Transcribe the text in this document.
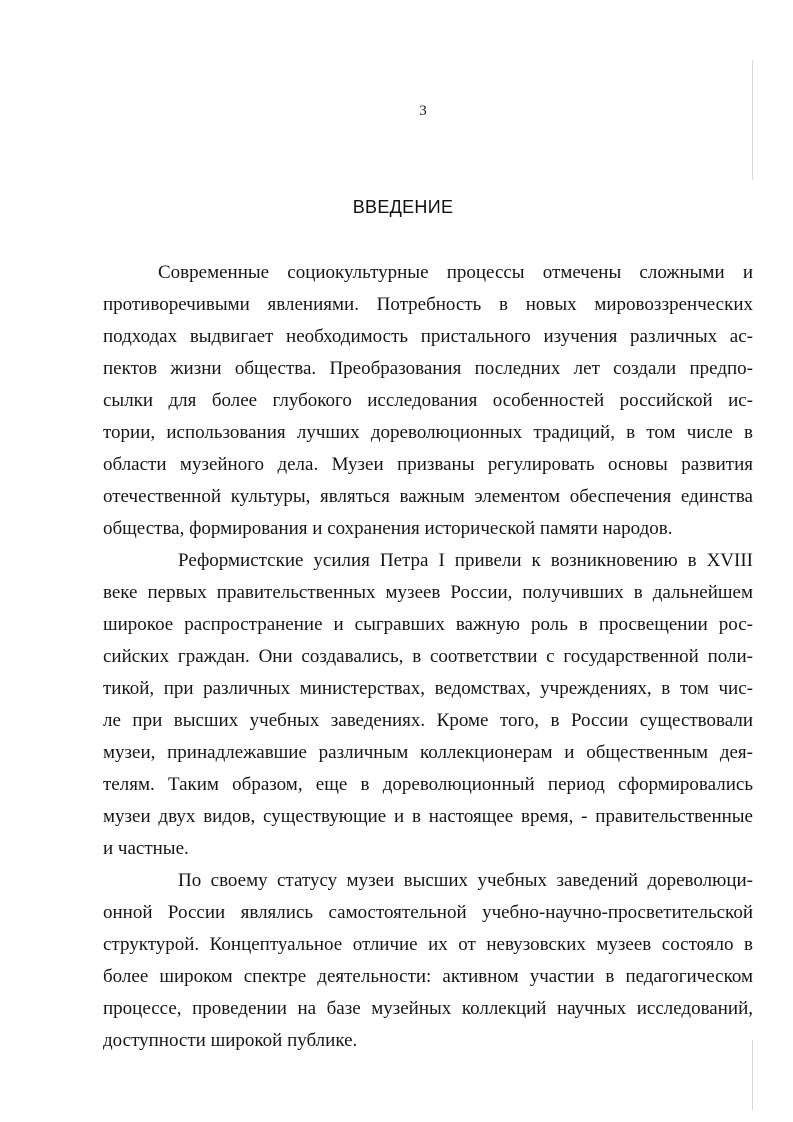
3
ВВЕДЕНИЕ
Современные социокультурные процессы отмечены сложными и
противоречивыми явлениями. Потребность в новых мировоззренческих
подходах выдвигает необходимость пристального изучения различных ас-
пектов жизни общества. Преобразования последних лет создали предпо-
сылки для более глубокого исследования особенностей российской ис-
тории, использования лучших дореволюционных традиций, в том числе в
области музейного дела. Музеи призваны регулировать основы развития
отечественной культуры, являться важным элементом обеспечения единства
общества, формирования и сохранения исторической памяти народов.
Реформистские усилия Петра I привели к возникновению в XVIII
веке первых правительственных музеев России, получивших в дальнейшем
широкое распространение и сыгравших важную роль в просвещении рос-
сийских граждан. Они создавались, в соответствии с государственной поли-
тикой, при различных министерствах, ведомствах, учреждениях, в том чис-
ле при высших учебных заведениях. Кроме того, в России существовали
музеи, принадлежавшие различным коллекционерам и общественным дея-
телям. Таким образом, еще в дореволюционный период сформировались
музеи двух видов, существующие и в настоящее время, - правительственные
и частные.
По своему статусу музеи высших учебных заведений дореволюци-
онной России являлись самостоятельной учебно-научно-просветительской
структурой. Концептуальное отличие их от невузовских музеев состояло в
более широком спектре деятельности: активном участии в педагогическом
процессе, проведении на базе музейных коллекций научных исследований,
доступности широкой публике.
